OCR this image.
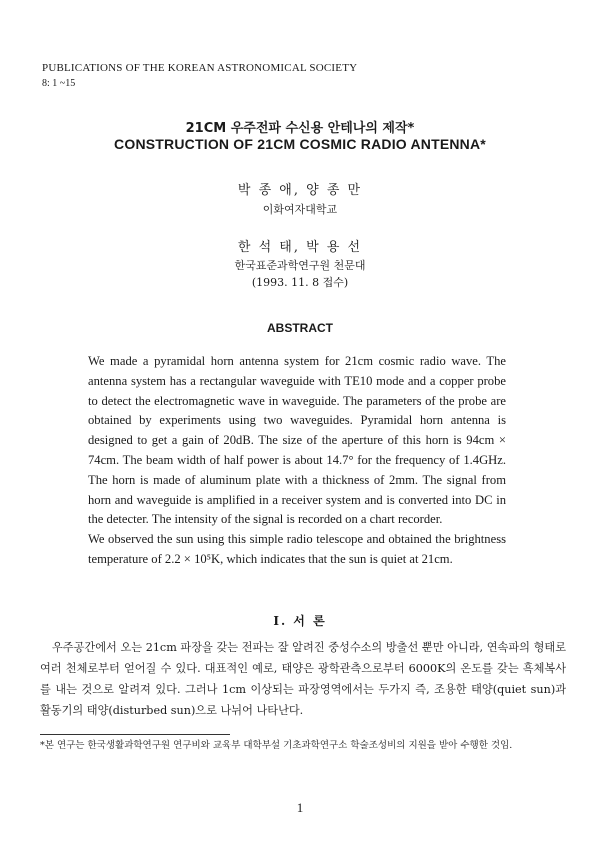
PUBLICATIONS OF THE KOREAN ASTRONOMICAL SOCIETY
8: 1 ~15
21CM 우주전파 수신용 안테나의 제작*
CONSTRUCTION OF 21CM COSMIC RADIO ANTENNA*
박 종 애, 양 종 만
이화여자대학교
한 석 태, 박 용 선
한국표준과학연구원 천문대
(1993. 11. 8 접수)
ABSTRACT

We made a pyramidal horn antenna system for 21cm cosmic radio wave. The antenna system has a rectangular waveguide with TE10 mode and a copper probe to detect the electromagnetic wave in waveguide. The parameters of the probe are obtained by experiments using two waveguides. Pyramidal horn antenna is designed to get a gain of 20dB. The size of the aperture of this horn is 94cm × 74cm. The beam width of half power is about 14.7° for the frequency of 1.4GHz. The horn is made of aluminum plate with a thickness of 2mm. The signal from horn and waveguide is amplified in a receiver system and is converted into DC in the detecter. The intensity of the signal is recorded on a chart recorder.

We observed the sun using this simple radio telescope and obtained the brightness temperature of 2.2 × 10⁵K, which indicates that the sun is quiet at 21cm.

I. 서 론
우주공간에서 오는 21cm 파장을 갖는 전파는 잘 알려진 중성수소의 방출선 뿐만 아니라, 연속파의 형태로 여러 천체로부터 얻어질 수 있다. 대표적인 예로, 태양은 광학관측으로부터 6000K의 온도를 갖는 흑체복사를 내는 것으로 알려져 있다. 그러나 1cm 이상되는 파장영역에서는 두가지 즉, 조용한 태양(quiet sun)과 활동기의 태양(disturbed sun)으로 나뉘어 나타난다.
*본 연구는 한국생활과학연구원 연구비와 교육부 대학부설 기초과학연구소 학술조성비의 지원을 받아 수행한 것임.
1
